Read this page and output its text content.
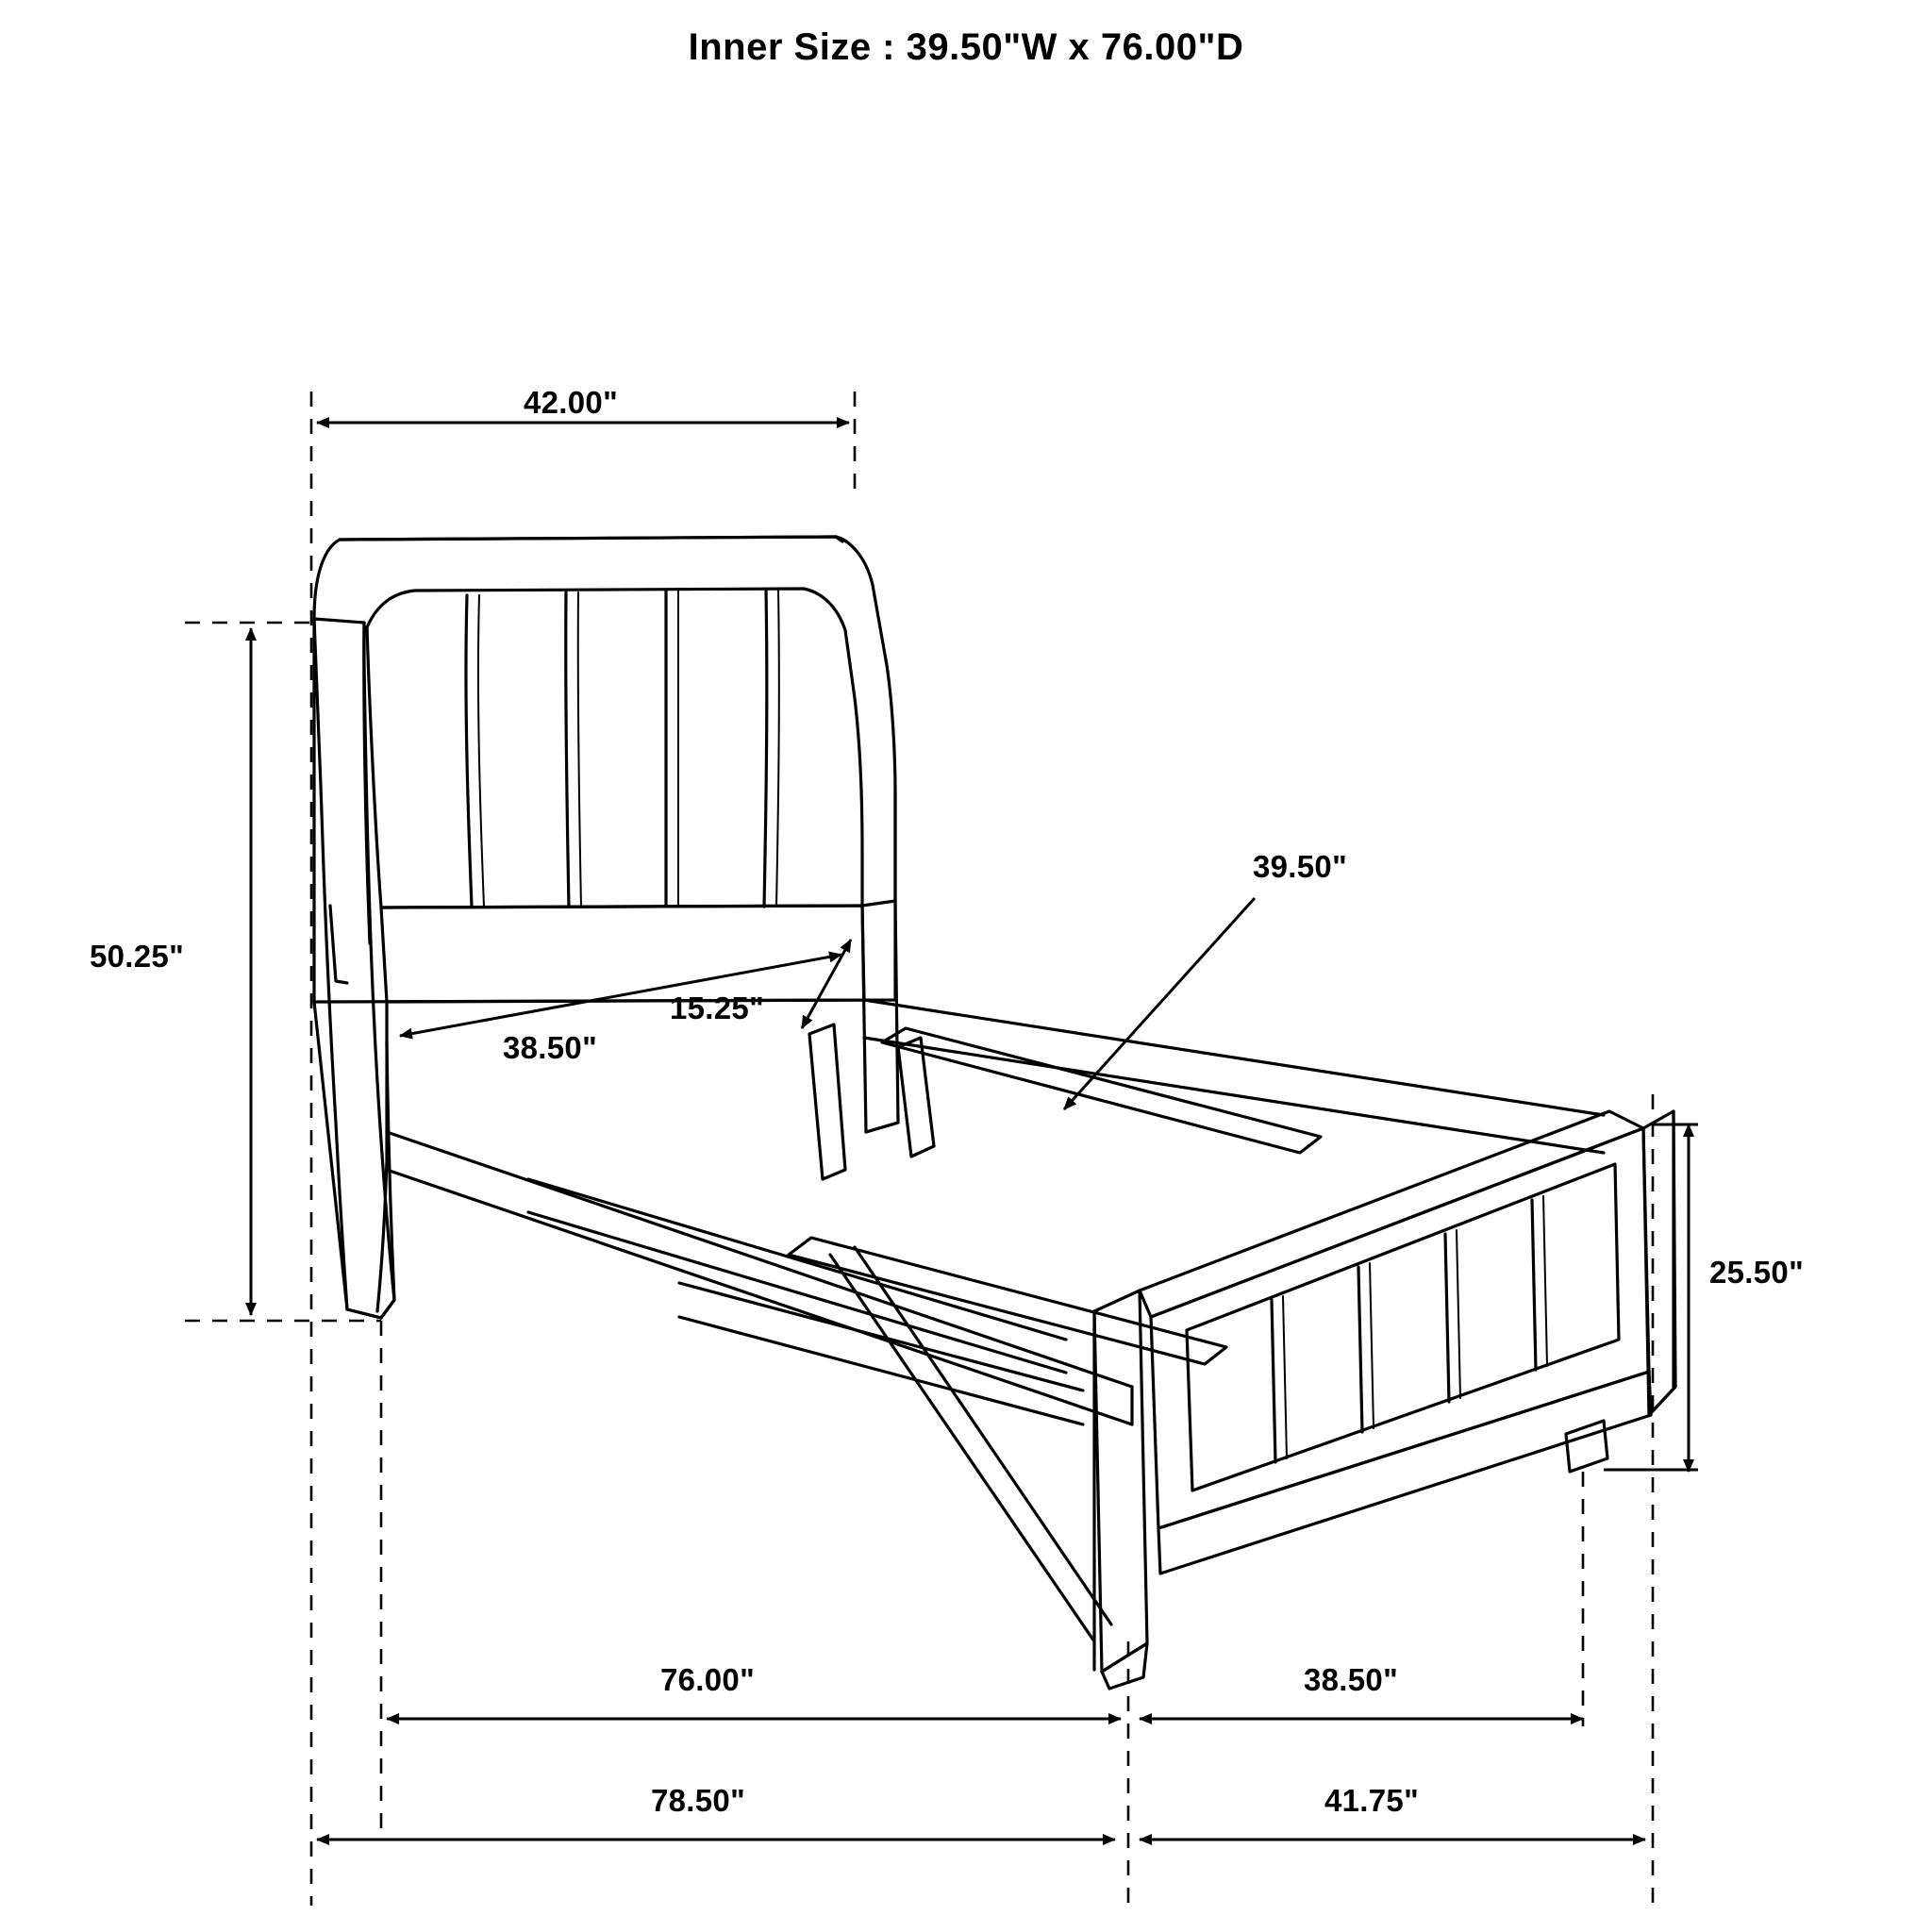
Inner Size : 39.50"W x 76.00"D
42.00"
50.25"
38.50"
15.25"
39.50"
25.50"
76.00"	38.50"
78.50"	41.75"
